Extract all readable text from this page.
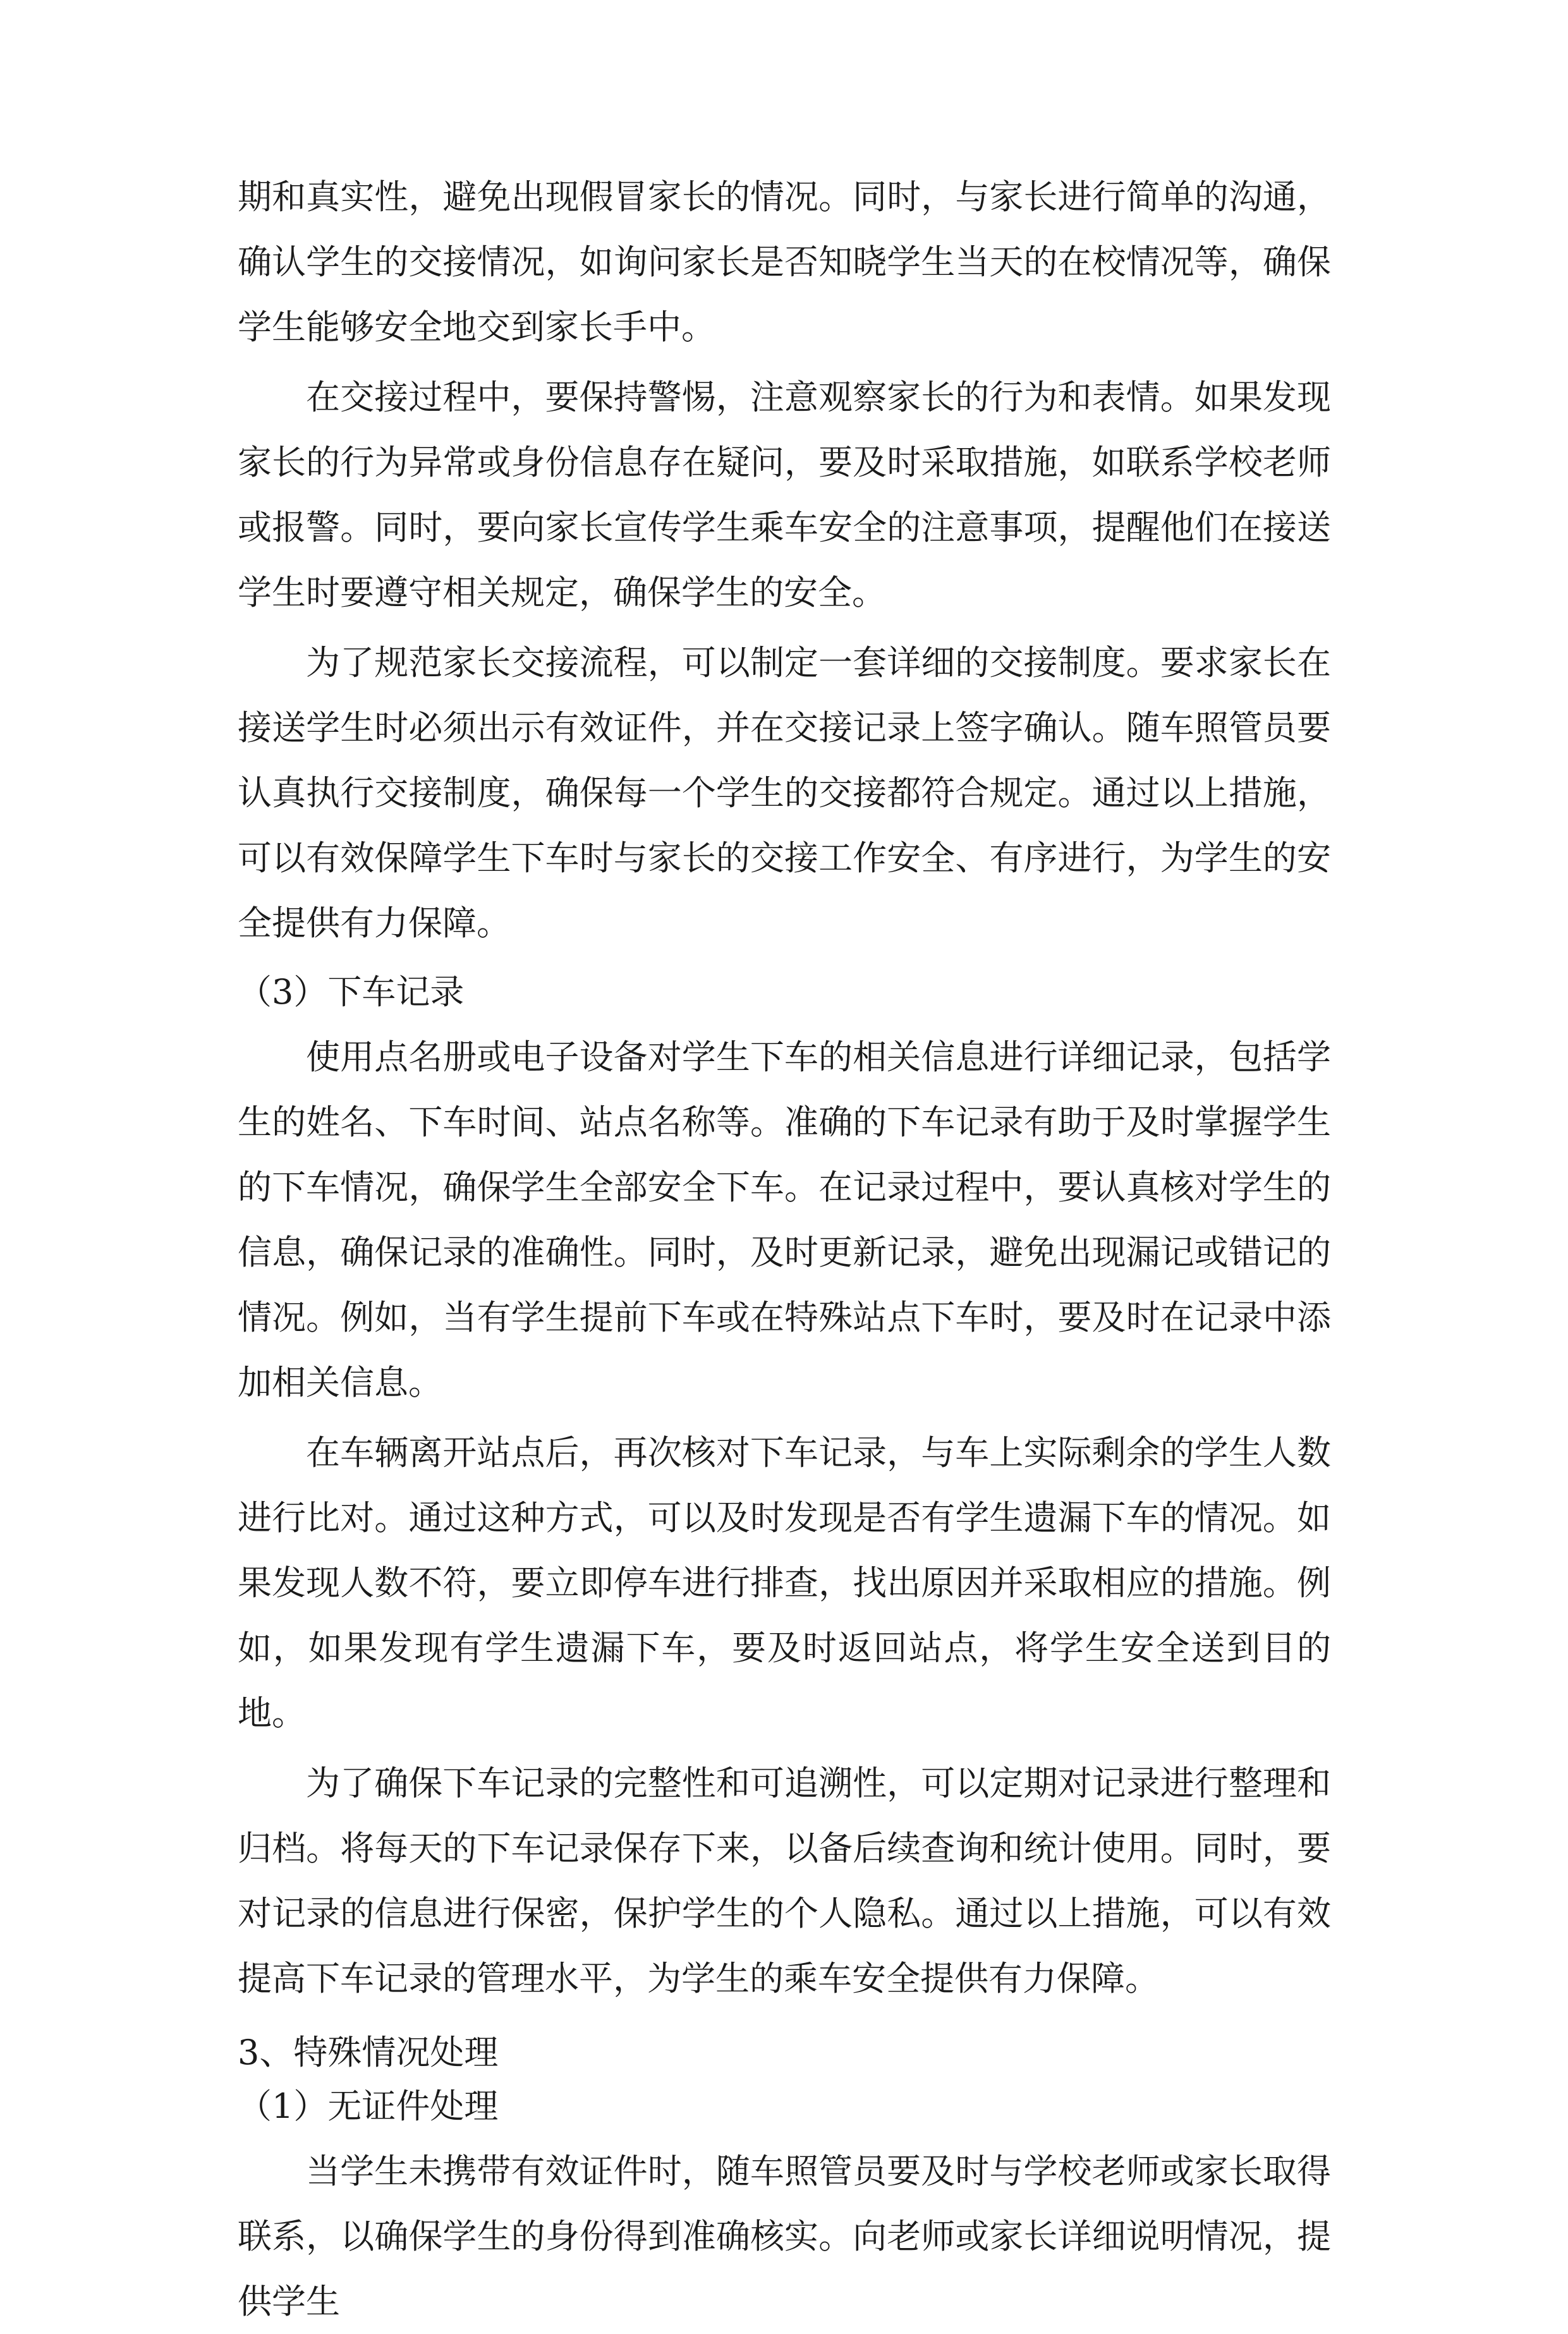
期和真实性，避免出现假冒家长的情况。同时，与家长进行简单的沟通，确认学生的交接情况，如询问家长是否知晓学生当天的在校情况等，确保学生能够安全地交到家长手中。

在交接过程中，要保持警惕，注意观察家长的行为和表情。如果发现家长的行为异常或身份信息存在疑问，要及时采取措施，如联系学校老师或报警。同时，要向家长宣传学生乘车安全的注意事项，提醒他们在接送学生时要遵守相关规定，确保学生的安全。

为了规范家长交接流程，可以制定一套详细的交接制度。要求家长在接送学生时必须出示有效证件，并在交接记录上签字确认。随车照管员要认真执行交接制度，确保每一个学生的交接都符合规定。通过以上措施，可以有效保障学生下车时与家长的交接工作安全、有序进行，为学生的安全提供有力保障。

（3）下车记录

使用点名册或电子设备对学生下车的相关信息进行详细记录，包括学生的姓名、下车时间、站点名称等。准确的下车记录有助于及时掌握学生的下车情况，确保学生全部安全下车。在记录过程中，要认真核对学生的信息，确保记录的准确性。同时，及时更新记录，避免出现漏记或错记的情况。例如，当有学生提前下车或在特殊站点下车时，要及时在记录中添加相关信息。

在车辆离开站点后，再次核对下车记录，与车上实际剩余的学生人数进行比对。通过这种方式，可以及时发现是否有学生遗漏下车的情况。如果发现人数不符，要立即停车进行排查，找出原因并采取相应的措施。例如，如果发现有学生遗漏下车，要及时返回站点，将学生安全送到目的地。

为了确保下车记录的完整性和可追溯性，可以定期对记录进行整理和归档。将每天的下车记录保存下来，以备后续查询和统计使用。同时，要对记录的信息进行保密，保护学生的个人隐私。通过以上措施，可以有效提高下车记录的管理水平，为学生的乘车安全提供有力保障。

3、特殊情况处理

（1）无证件处理

当学生未携带有效证件时，随车照管员要及时与学校老师或家长取得联系，以确保学生的身份得到准确核实。向老师或家长详细说明情况，提供学生
